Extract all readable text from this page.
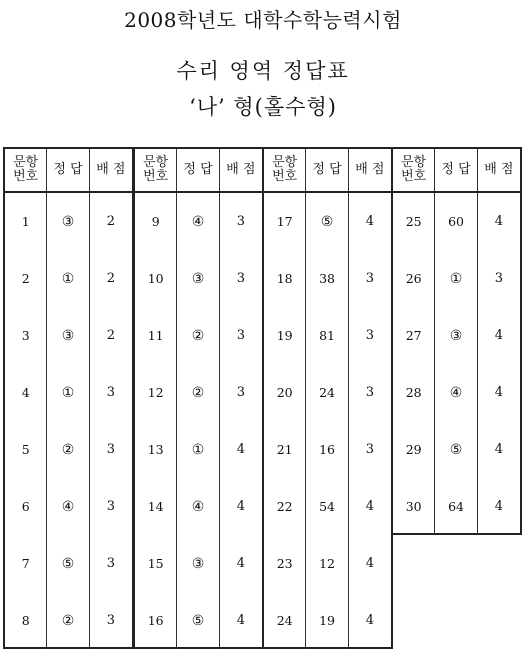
2008학년도 대학수학능력시험
수리 영역 정답표
‘나’ 형(홀수형)
문항
번호	정 답	배 점
1	③	2
2	①	2
3	③	2
4	①	3
5	②	3
6	④	3
7	⑤	3
8	②	3
문항
번호	정 답	배 점
9	④	3
10	③	3
11	②	3
12	②	3
13	①	4
14	④	4
15	③	4
16	⑤	4
문항
번호	정 답	배 점
17	⑤	4
18	38	3
19	81	3
20	24	3
21	16	3
22	54	4
23	12	4
24	19	4
문항
번호	정 답	배 점
25	60	4
26	①	3
27	③	4
28	④	4
29	⑤	4
30	64	4
